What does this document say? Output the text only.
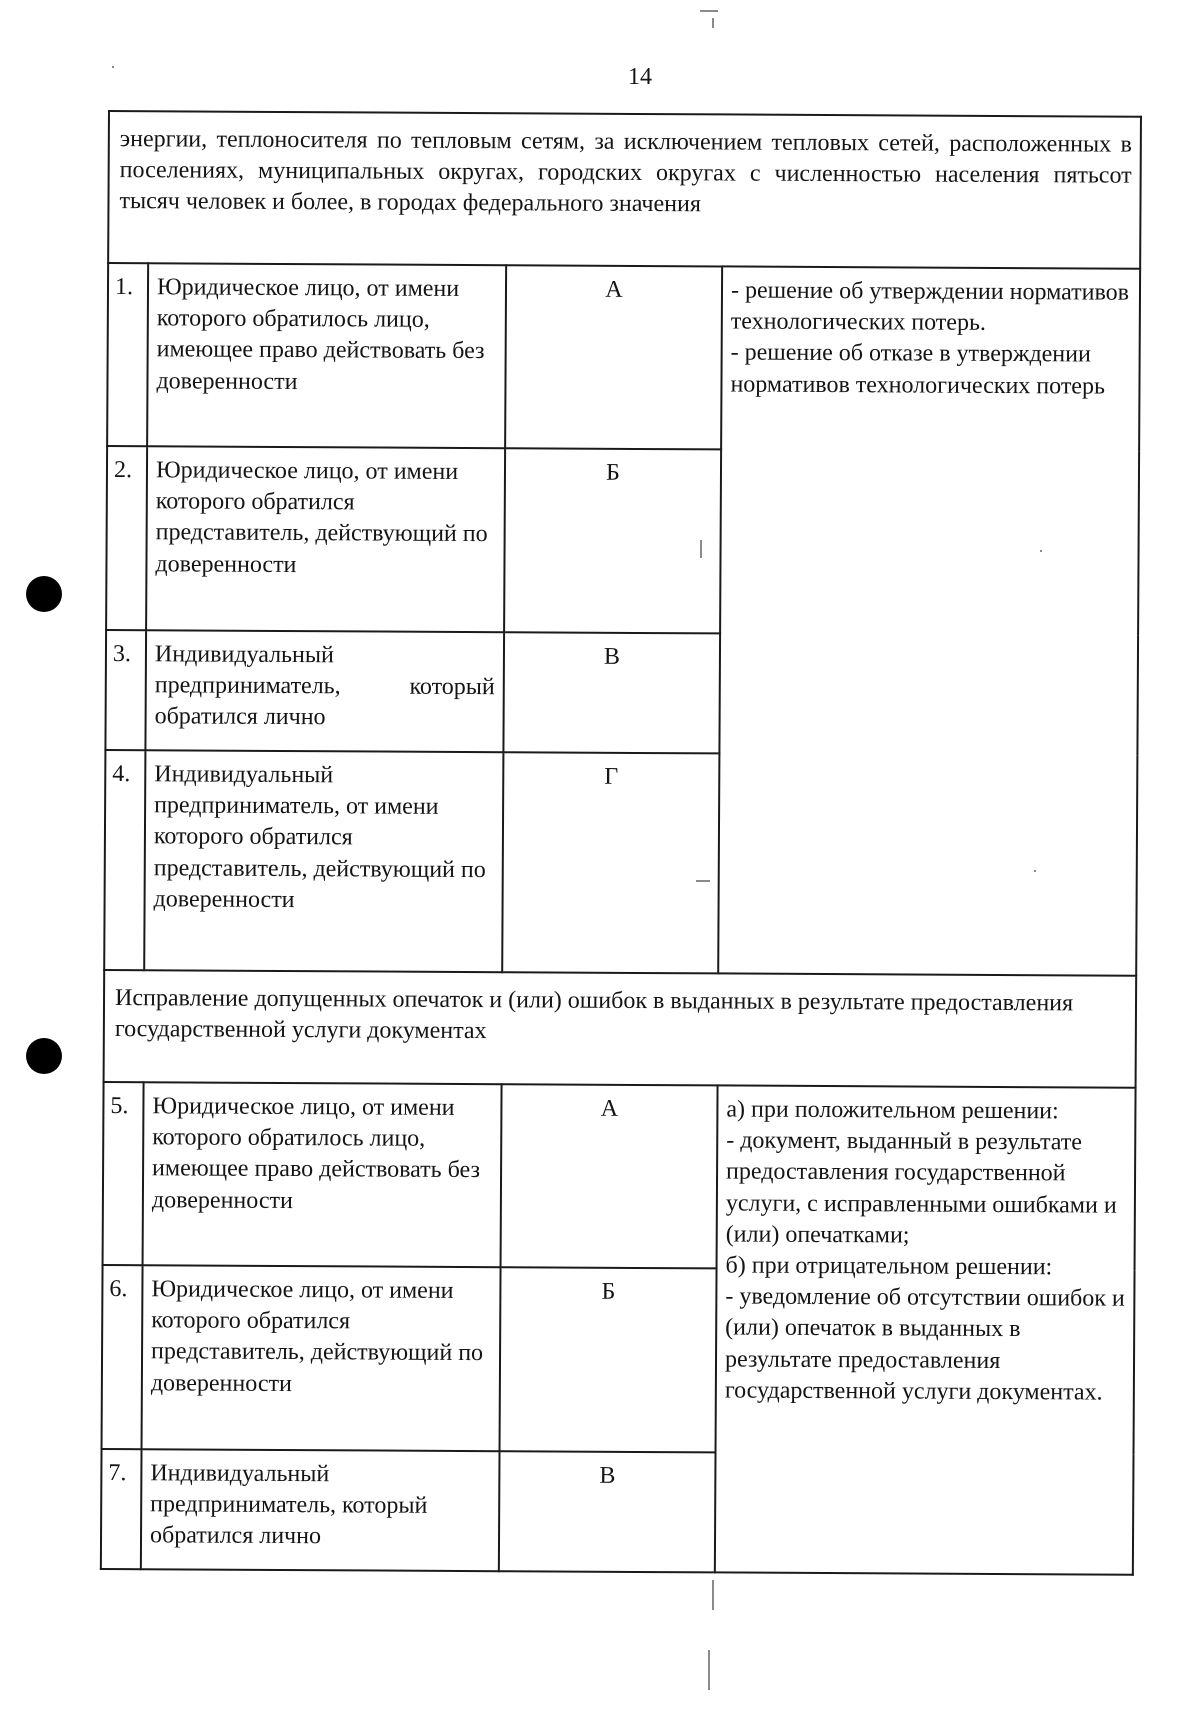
14
энергии, теплоносителя по тепловым сетям, за исключением тепловых сетей, расположенных в поселениях, муниципальных округах, городских округах с численностью населения пятьсот тысяч человек и более, в городах федерального значения			
1.	Юридическое лицо, от имени которого обратилось лицо, имеющее право действовать без доверенности	А	- решение об утверждении нормативов технологических потерь.
- решение об отказе в утверждении нормативов технологических потерь
2.	Юридическое лицо, от имени которого обратился представитель, действующий по доверенности	Б	
3.	Индивидуальный предприниматель, который обратился лично	В	
4.	Индивидуальный предприниматель, от имени которого обратился представитель, действующий по доверенности	Г	
Исправление допущенных опечаток и (или) ошибок в выданных в результате предоставления государственной услуги документах			
5.	Юридическое лицо, от имени которого обратилось лицо, имеющее право действовать без доверенности	А	а) при положительном решении:
- документ, выданный в результате предоставления государственной услуги, с исправленными ошибками и (или) опечатками;
б) при отрицательном решении:
- уведомление об отсутствии ошибок и (или) опечаток в выданных в результате предоставления государственной услуги документах.
6.	Юридическое лицо, от имени которого обратился представитель, действующий по доверенности	Б	
7.	Индивидуальный предприниматель, который обратился лично	В	
